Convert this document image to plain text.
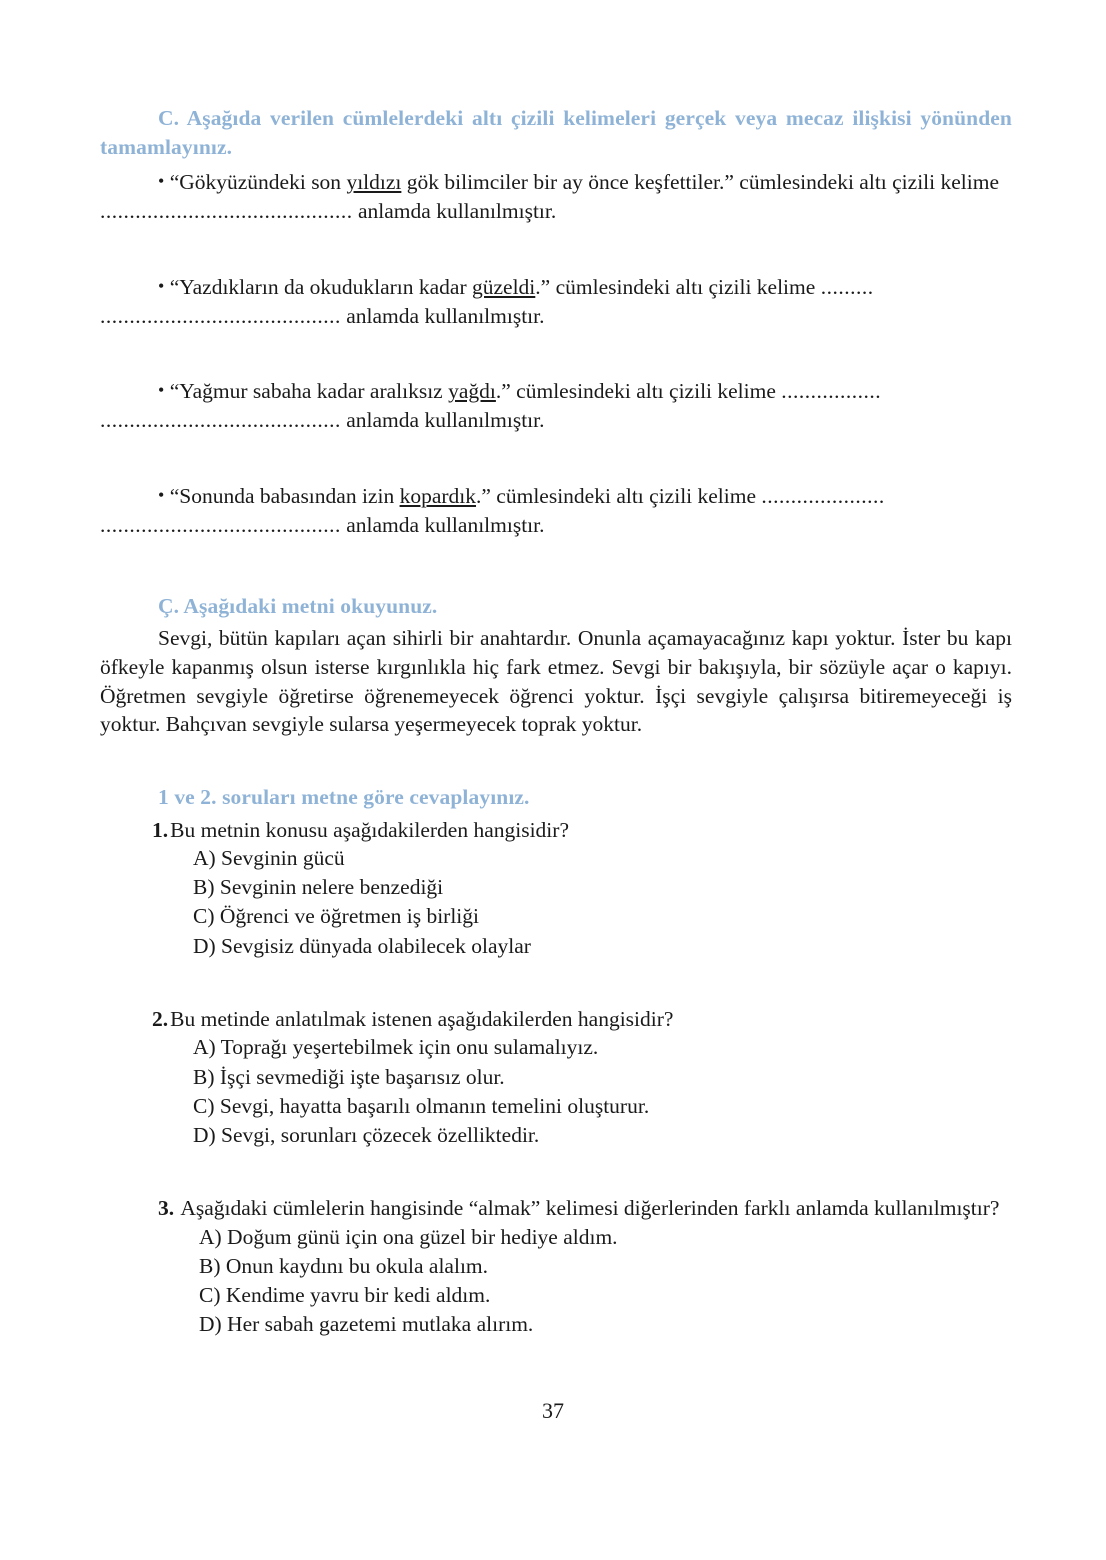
C. Aşağıda verilen cümlelerdeki altı çizili kelimeleri gerçek veya mecaz ilişkisi yönünden tamamlayınız.

• “Gökyüzündeki son yıldızı gök bilimciler bir ay önce keşfettiler.” cümlesindeki altı çizili kelime ........................................... anlamda kullanılmıştır.

• “Yazdıkların da okudukların kadar güzeldi.” cümlesindeki altı çizili kelime .........
......................................... anlamda kullanılmıştır.

• “Yağmur sabaha kadar aralıksız yağdı.” cümlesindeki altı çizili kelime .................
......................................... anlamda kullanılmıştır.

• “Sonunda babasından izin kopardık.” cümlesindeki altı çizili kelime .....................
......................................... anlamda kullanılmıştır.

Ç. Aşağıdaki metni okuyunuz.

Sevgi, bütün kapıları açan sihirli bir anahtardır. Onunla açamayacağınız kapı yoktur. İster bu kapı öfkeyle kapanmış olsun isterse kırgınlıkla hiç fark etmez. Sevgi bir bakışıyla, bir sözüyle açar o kapıyı. Öğretmen sevgiyle öğretirse öğrenemeyecek öğrenci yoktur. İşçi sevgiyle çalışırsa bitiremeyeceği iş yoktur. Bahçıvan sevgiyle sularsa yeşermeyecek toprak yoktur.

1 ve 2. soruları metne göre cevaplayınız.

1.Bu metnin konusu aşağıdakilerden hangisidir?

A) Sevginin gücü

B) Sevginin nelere benzediği

C) Öğrenci ve öğretmen iş birliği

D) Sevgisiz dünyada olabilecek olaylar

2.Bu metinde anlatılmak istenen aşağıdakilerden hangisidir?

A) Toprağı yeşertebilmek için onu sulamalıyız.

B) İşçi sevmediği işte başarısız olur.

C) Sevgi, hayatta başarılı olmanın temelini oluşturur.

D) Sevgi, sorunları çözecek özelliktedir.

3. Aşağıdaki cümlelerin hangisinde “almak” kelimesi diğerlerinden farklı anlamda kullanılmıştır?

A) Doğum günü için ona güzel bir hediye aldım.

B) Onun kaydını bu okula alalım.

C) Kendime yavru bir kedi aldım.

D) Her sabah gazetemi mutlaka alırım.

37
